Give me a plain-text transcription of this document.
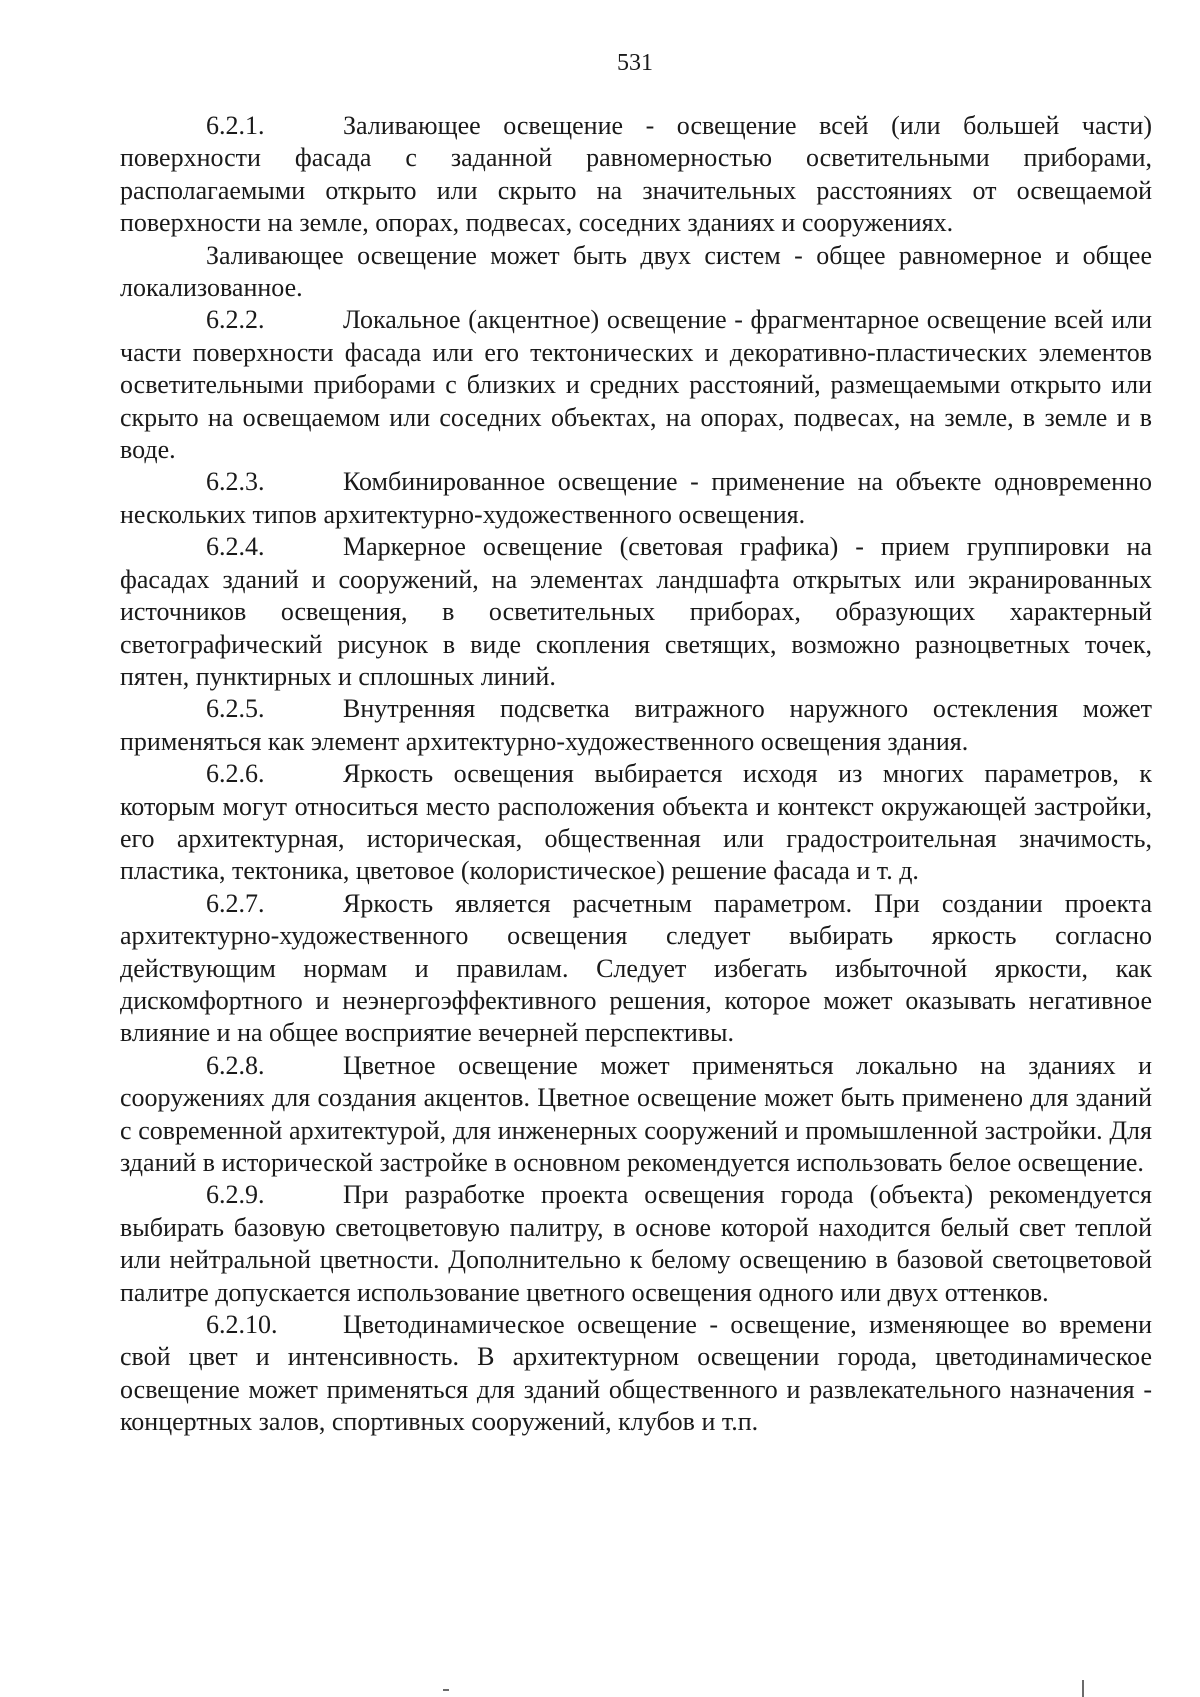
531

6.2.1.	Заливающее освещение - освещение всей (или большей части) поверхности фасада с заданной равномерностью осветительными приборами, располагаемыми открыто или скрыто на значительных расстояниях от освещаемой поверхности на земле, опорах, подвесах, соседних зданиях и сооружениях.

Заливающее освещение может быть двух систем - общее равномерное и общее локализованное.

6.2.2.	Локальное (акцентное) освещение - фрагментарное освещение всей или части поверхности фасада или его тектонических и декоративно-пластических элементов осветительными приборами с близких и средних расстояний, размещаемыми открыто или скрыто на освещаемом или соседних объектах, на опорах, подвесах, на земле, в земле и в воде.

6.2.3.	Комбинированное освещение - применение на объекте одновременно нескольких типов архитектурно-художественного освещения.

6.2.4.	Маркерное освещение (световая графика) - прием группировки на фасадах зданий и сооружений, на элементах ландшафта открытых или экранированных источников освещения, в осветительных приборах, образующих характерный светографический рисунок в виде скопления светящих, возможно разноцветных точек, пятен, пунктирных и сплошных линий.

6.2.5.	Внутренняя подсветка витражного наружного остекления может применяться как элемент архитектурно-художественного освещения здания.

6.2.6.	Яркость освещения выбирается исходя из многих параметров, к которым могут относиться место расположения объекта и контекст окружающей застройки, его архитектурная, историческая, общественная или градостроительная значимость, пластика, тектоника, цветовое (колористическое) решение фасада и т. д.

6.2.7.	Яркость является расчетным параметром. При создании проекта архитектурно-художественного освещения следует выбирать яркость согласно действующим нормам и правилам. Следует избегать избыточной яркости, как дискомфортного и неэнергоэффективного решения, которое может оказывать негативное влияние и на общее восприятие вечерней перспективы.

6.2.8.	Цветное освещение может применяться локально на зданиях и сооружениях для создания акцентов. Цветное освещение может быть применено для зданий с современной архитектурой, для инженерных сооружений и промышленной застройки. Для зданий в исторической застройке в основном рекомендуется использовать белое освещение.

6.2.9.	При разработке проекта освещения города (объекта) рекомендуется выбирать базовую светоцветовую палитру, в основе которой находится белый свет теплой или нейтральной цветности. Дополнительно к белому освещению в базовой светоцветовой палитре допускается использование цветного освещения одного или двух оттенков.

6.2.10.	Цветодинамическое освещение - освещение, изменяющее во времени свой цвет и интенсивность. В архитектурном освещении города, цветодинамическое освещение может применяться для зданий общественного и развлекательного назначения - концертных залов, спортивных сооружений, клубов и т.п.
